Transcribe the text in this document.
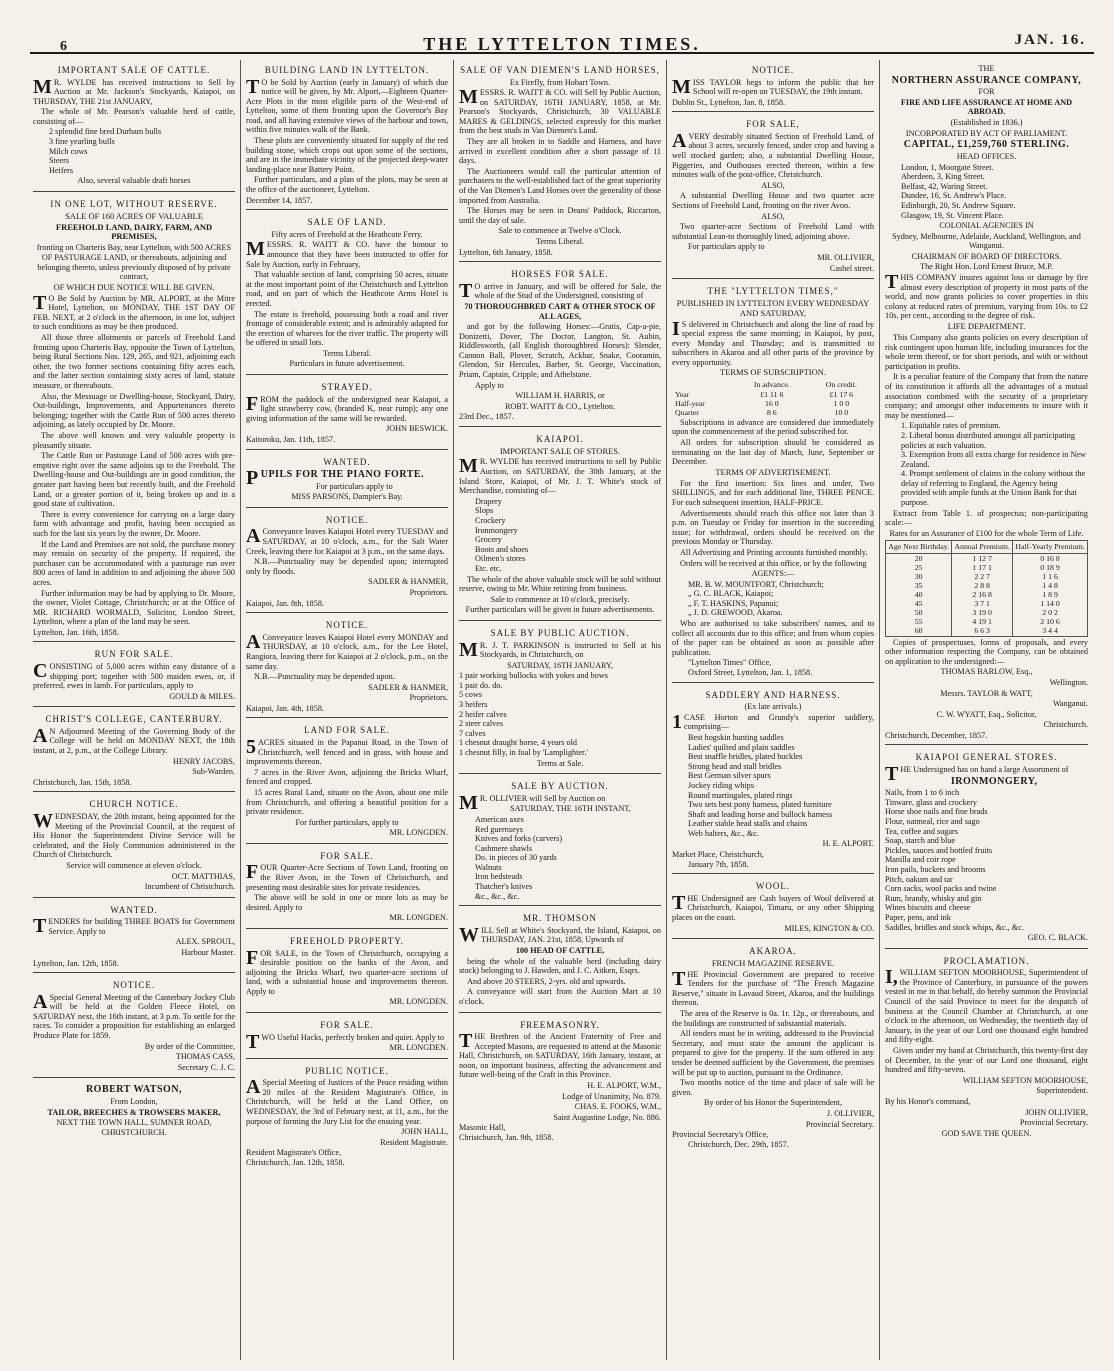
6	THE LYTTELTON TIMES.	JAN. 16.
IMPORTANT SALE OF CATTLE.
MR. WYLDE has received instructions to Sell by Auction at Mr. Jackson's Stockyards, Kaiapoi, on THURSDAY, THE 21st JANUARY,
The whole of Mr. Pearson's valuable herd of cattle, consisting of—
2 splendid fine bred Durham bulls
3 fine yearling bulls
Milch cows
Steers
Heifers
Also, several valuable draft horses
IN ONE LOT, WITHOUT RESERVE.
SALE OF 160 ACRES OF VALUABLE
FREEHOLD LAND, DAIRY, FARM, AND PREMISES,
fronting on Charteris Bay, near Lyttelton, with 500 ACRES OF PASTURAGE LAND, or thereabouts, adjoining and belonging thereto, unless previously disposed of by private contract,
OF WHICH DUE NOTICE WILL BE GIVEN.
TO Be Sold by Auction by MR. ALPORT, at the Mitre Hotel, Lyttelton, on MONDAY, THE 1ST DAY OF FEB. NEXT, at 2 o'clock in the afternoon, in one lot, subject to such conditions as may be then produced.
All those three allotments or parcels of Freehold Land fronting upon Charteris Bay, opposite the Town of Lyttelton, being Rural Sections Nos. 129, 265, and 921, adjoining each other, the two former sections containing fifty acres each, and the latter section containing sixty acres of land, statute measure, or thereabouts.
Also, the Messuage or Dwelling-house, Stockyard, Dairy, Out-buildings, Improvements, and Appurtenances thereto belonging; together with the Cattle Run of 500 acres thereto adjoining, as lately occupied by Dr. Moore.
The above well known and very valuable property is pleasantly situate.
The Cattle Run or Pasturage Land of 500 acres with pre-emptive right over the same adjoins up to the Freehold. The Dwelling-house and Out-buildings are in good condition, the greater part having been but recently built, and the Freehold Land, or a greater portion of it, being broken up and in a good state of cultivation.
There is every convenience for carrying on a large dairy farm with advantage and profit, having been occupied as such for the last six years by the owner, Dr. Moore.
If the Land and Premises are not sold, the purchase money may remain on security of the property. If required, the purchaser can be accommodated with a pasturage run over 800 acres of land in addition to and adjoining the above 500 acres.
Further information may be had by applying to Dr. Moore, the owner, Violet Cottage, Christchurch; or at the Office of MR. RICHARD WORMALD, Solicitor, London Street, Lyttelton, where a plan of the land may be seen.
Lyttelton, Jan. 16th, 1858.
RUN FOR SALE.
CONSISTING of 5,000 acres within easy distance of a shipping port; together with 500 maiden ewes, or, if preferred, ewes in lamb. For particulars, apply to
GOULD & MILES.
CHRIST'S COLLEGE, CANTERBURY.
AN Adjourned Meeting of the Governing Body of the College will be held on MONDAY NEXT, the 18th instant, at 2, p.m., at the College Library.
HENRY JACOBS,
Sub-Warden.
Christchurch, Jan. 15th, 1858.
CHURCH NOTICE.
WEDNESDAY, the 20th instant, being appointed for the Meeting of the Provincial Council, at the request of His Honor the Superintendent Divine Service will be celebrated, and the Holy Communion administered in the Church of Christchurch.
Service will commence at eleven o'clock.
OCT. MATTHIAS,
Incumbent of Christchurch.
WANTED.
TENDERS for building THREE BOATS for Government Service. Apply to
ALEX. SPROUL,
Harbour Master.
Lyttelton, Jan. 12th, 1858.
NOTICE.
ASpecial General Meeting of the Canterbury Jockey Club will be held at the Golden Fleece Hotel, on SATURDAY next, the 16th instant, at 3 p.m. To settle for the races. To consider a proposition for establishing an enlarged Produce Plate for 1859.
By order of the Committee,
THOMAS CASS,
Secretary C. J. C.
ROBERT WATSON,
From London,
TAILOR, BREECHES & TROWSERS MAKER,
NEXT THE TOWN HALL, SUMNER ROAD, CHRISTCHURCH.
BUILDING LAND IN LYTTELTON.
TO be Sold by Auction (early in January) of which due notice will be given, by Mr. Alport,—Eighteen Quarter-Acre Plots in the most eligible parts of the West-end of Lyttelton, some of them fronting upon the Governor's Bay road, and all having extensive views of the harbour and town, within five minutes walk of the Bank.
These plots are conveniently situated for supply of the red building stone, which crops out upon some of the sections, and are in the immediate vicinity of the projected deep-water landing-place near Battery Point.
Further particulars, and a plan of the plots, may be seen at the office of the auctioneer, Lyttelton.
December 14, 1857.
SALE OF LAND.
Fifty acres of Freehold at the Heathcote Ferry.
MESSRS. R. WAITT & CO. have the honour to announce that they have been instructed to offer for Sale by Auction, early in February,
That valuable section of land, comprising 50 acres, situate at the most important point of the Christchurch and Lyttelton road, and on part of which the Heathcote Arms Hotel is erected.
The estate is freehold, possessing both a road and river frontage of considerable extent; and is admirably adapted for the erection of wharves for the river traffic. The property will be offered in small lots.
Terms Liberal.
Particulars in future advertisement.
STRAYED.
FROM the paddock of the undersigned near Kaiapoi, a light strawberry cow, (branded K, near rump); any one giving information of the same will be rewarded.
JOHN BESWICK.
Kaitoroku, Jan. 11th, 1857.
WANTED.
PUPILS FOR THE PIANO FORTE.
For particulars apply to
MISS PARSONS, Dampier's Bay.
NOTICE.
AConveyance leaves Kaiapoi Hotel every TUESDAY and SATURDAY, at 10 o'clock, a.m., for the Salt Water Creek, leaving there for Kaiapoi at 3 p.m., on the same days.
N.B.—Punctuality may be depended upon; interrupted only by floods.
SADLER & HANMER,
Proprietors.
Kaiapoi, Jan. 8th, 1858.
NOTICE.
AConveyance leaves Kaiapoi Hotel every MONDAY and THURSDAY, at 10 o'clock, a.m., for the Lee Hotel, Rangiora, leaving there for Kaiapoi at 2 o'clock, p.m., on the same day.
N.B.—Punctuality may be depended upon.
SADLER & HANMER,
Proprietors.
Kaiapoi, Jan. 4th, 1858.
LAND FOR SALE.
5ACRES situated in the Papanui Road, in the Town of Christchurch, well fenced and in grass, with house and improvements thereon.
7 acres in the River Avon, adjoining the Bricks Wharf, fenced and cropped.
15 acres Rural Land, situate on the Avon, about one mile from Christchurch, and offering a beautiful position for a private residence.
For further particulars, apply to
MR. LONGDEN.
FOR SALE.
FOUR Quarter-Acre Sections of Town Land, fronting on the River Avon, in the Town of Christchurch, and presenting most desirable sites for private residences.
The above will be sold in one or more lots as may be desired. Apply to
MR. LONGDEN.
FREEHOLD PROPERTY.
FOR SALE, in the Town of Christchurch, occupying a desirable position on the banks of the Avon, and adjoining the Bricks Wharf, two quarter-acre sections of land, with a substantial house and improvements thereon. Apply to
MR. LONGDEN.
FOR SALE.
TWO Useful Hacks, perfectly broken and quiet. Apply to
MR. LONGDEN.
PUBLIC NOTICE.
ASpecial Meeting of Justices of the Peace residing within 20 miles of the Resident Magistrate's Office, in Christchurch, will be held at the Land Office, on WEDNESDAY, the 3rd of February next, at 11, a.m., for the purpose of forming the Jury List for the ensuing year.
JOHN HALL,
Resident Magistrate.
Resident Magistrate's Office,
Christchurch, Jan. 12th, 1858.
SALE OF VAN DIEMEN'S LAND HORSES,
Ex Firefly, from Hobart Town.
MESSRS. R. WAITT & CO. will Sell by Public Auction, on SATURDAY, 16TH JANUARY, 1858, at Mr. Pearson's Stockyards, Christchurch, 30 VALUABLE MARES & GELDINGS, selected expressly for this market from the best studs in Van Diemen's Land.
They are all broken in to Saddle and Harness, and have arrived in excellent condition after a short passage of 11 days.
The Auctioneers would call the particular attention of purchasers to the well-established fact of the great superiority of the Van Diemen's Land Horses over the generality of those imported from Australia.
The Horses may be seen in Deans' Paddock, Riccarton, until the day of sale.
Sale to commence at Twelve o'Clock.
Terms Liberal.
Lyttelton, 6th January, 1858.
HORSES FOR SALE.
TO arrive in January, and will be offered for Sale, the whole of the Stud of the Undersigned, consisting of
70 THOROUGHBRED CART & OTHER STOCK OF ALL AGES,
and got by the following Horses:—Gratis, Cap-a-pie, Donizetti, Dover, The Doctor, Langton, St. Aubin, Riddlesworth, (all English thoroughbred Horses): Slender, Cannon Ball, Plover, Scratch, Ackbar, Snake, Cooramin, Glendon, Sir Hercules, Barber, St. George, Vaccination, Priam, Captain, Cripple, and Athelstane.
Apply to
WILLIAM H. HARRIS, or
ROBT. WAITT & CO., Lyttelton.
23rd Dec., 1857.
KAIAPOI.
IMPORTANT SALE OF STORES.
MR. WYLDE has received instructions to sell by Public Auction, on SATURDAY, the 30th January, at the Island Store, Kaiapoi, of Mr. J. T. White's stock of Merchandise, consisting of—
Drapery
Slops
Crockery
Ironmongery
Grocery
Boots and shoes
Oilmen's stores
Etc. etc.
The whole of the above valuable stock will be sold without reserve, owing to Mr. White retiring from business.
Sale to commence at 10 o'clock, precisely.
Further particulars will be given in future advertisements.
SALE BY PUBLIC AUCTION.
MR. J. T. PARKINSON is instructed to Sell at his Stockyards, in Christchurch, on
SATURDAY, 16TH JANUARY,
1 pair working bullocks with yokes and bows
1 pair do. do.
5 cows
3 heifers
2 heifer calves
2 steer calves
7 calves
1 chesnut draught horse, 4 years old
1 chesnut filly, in foal by 'Lamplighter.'
Terms at Sale.
SALE BY AUCTION.
MR. OLLIVIER will Sell by Auction on
SATURDAY, THE 16TH INSTANT,
American axes
Red guernseys
Knives and forks (carvers)
Cashmere shawls
Do. in pieces of 30 yards
Walnuts
Iron bedsteads
Thatcher's knives
&c., &c., &c.
MR. THOMSON
WILL Sell at White's Stockyard, the Island, Kaiapoi, on THURSDAY, JAN. 21st, 1858, Upwards of
100 HEAD OF CATTLE,
being the whole of the valuable herd (including dairy stock) belonging to J. Hawden, and J. C. Aitken, Esqrs.
And above 20 STEERS, 2-yrs. old and upwards.
A conveyance will start from the Auction Mart at 10 o'clock.
FREEMASONRY.
THE Brethren of the Ancient Fraternity of Free and Accepted Masons, are requested to attend at the Masonic Hall, Christchurch, on SATURDAY, 16th January, instant, at noon, on important business, affecting the advancement and future well-being of the Craft in this Province.
H. E. ALPORT, W.M.,
Lodge of Unanimity, No. 879.
CHAS. E. FOOKS, W.M.,
Saint Augustine Lodge, No. 886.
Masonic Hall,
Christchurch, Jan. 9th, 1858.
NOTICE.
MISS TAYLOR begs to inform the public that her School will re-open on TUESDAY, the 19th instant.
Dublin St., Lyttelton, Jan. 8, 1858.
FOR SALE,
AVERY desirably situated Section of Freehold Land, of about 3 acres, securely fenced, under crop and having a well stocked garden; also, a substantial Dwelling House, Piggeries, and Outhouses erected thereon, within a few minutes walk of the post-office, Christchurch.
ALSO,
A substantial Dwelling House and two quarter acre Sections of Freehold Land, fronting on the river Avon.
ALSO,
Two quarter-acre Sections of Freehold Land with substantial Lean-to thoroughly lined, adjoining above.
For particulars apply to
MR. OLLIVIER,
Cashel street.
THE "LYTTELTON TIMES,"
PUBLISHED IN LYTTELTON EVERY WEDNESDAY AND SATURDAY,
IS delivered in Christchurch and along the line of road by special express the same morning; in Kaiapoi, by post, every Monday and Thursday; and is transmitted to subscribers in Akaroa and all other parts of the province by every opportunity.
TERMS OF SUBSCRIPTION.
	In advance.	On credit.
Year	£1 11 6	£1 17 6
Half-year	16 0	1 0 0
Quarter	8 6	10 0
Subscriptions in advance are considered due immediately upon the commencement of the period subscribed for.
All orders for subscription should be considered as terminating on the last day of March, June, September or December.
TERMS OF ADVERTISEMENT.
For the first insertion: Six lines and under, Two SHILLINGS, and for each additional line, THREE PENCE. For each subsequent insertion, HALF-PRICE.
Advertisements should reach this office not later than 3 p.m. on Tuesday or Friday for insertion in the succeeding issue; for withdrawal, orders should be received on the previous Monday or Thursday.
All Advertising and Printing accounts furnished monthly.
Orders will be received at this office, or by the following
AGENTS:—
MR. B. W. MOUNTFORT, Christchurch;
„ G. C. BLACK, Kaiapoi;
„ F. T. HASKINS, Papanui;
„ J. D. GREWOOD, Akaroa.
Who are authorised to take subscribers' names, and to collect all accounts due to this office; and from whom copies of the paper can be obtained as soon as possible after publication.
"Lyttelton Times" Office,
Oxford Street, Lyttelton, Jan. 1, 1858.
SADDLERY AND HARNESS.
(Ex late arrivals.)
1CASE Horton and Grundy's superior saddlery, comprising—
Best hogskin hunting saddles
Ladies' quilted and plain saddles
Best snaffle bridles, plated buckles
Strong head and stall bridles
Best German silver spurs
Jockey riding whips
Round martingales, plated rings
Two sets best pony harness, plated furniture
Shaft and leading horse and bullock harness
Leather stable head stalls and chains
Web halters, &c., &c.
H. E. ALPORT.
Market Place, Christchurch,
January 7th, 1858.
WOOL.
THE Undersigned are Cash buyers of Wool delivered at Christchurch, Kaiapoi, Timaru, or any other Shipping places on the coast.
MILES, KINGTON & CO.
AKAROA.
FRENCH MAGAZINE RESERVE.
THE Provincial Government are prepared to receive Tenders for the purchase of "The French Magazine Reserve," situate in Lavaud Street, Akaroa, and the buildings thereon.
The area of the Reserve is 0a. 1r. 12p., or thereabouts, and the buildings are constructed of substantial materials.
All tenders must be in writing, addressed to the Provincial Secretary, and must state the amount the applicant is prepared to give for the property. If the sum offered in any tender be deemed sufficient by the Government, the premises will be put up to auction, pursuant to the Ordinance.
Two months notice of the time and place of sale will be given.
By order of his Honor the Superintendent,
J. OLLIVIER,
Provincial Secretary.
Provincial Secretary's Office,
Christchurch, Dec. 29th, 1857.
THE
NORTHERN ASSURANCE COMPANY,
FOR
FIRE AND LIFE ASSURANCE AT HOME AND ABROAD.
(Established in 1836.)
INCORPORATED BY ACT OF PARLIAMENT.
CAPITAL, £1,259,760 STERLING.
HEAD OFFICES.
London, 1, Moorgate Street.
Aberdeen, 3, King Street.
Belfast, 42, Waring Street.
Dundee, 16, St. Andrew's Place.
Edinburgh, 20, St. Andrew Square.
Glasgow, 19, St. Vincent Place.
COLONIAL AGENCIES IN
Sydney, Melbourne, Adelaide, Auckland, Wellington, and Wanganui.
CHAIRMAN OF BOARD OF DIRECTORS.
The Right Hon. Lord Ernest Bruce, M.P.
THIS COMPANY insures against loss or damage by fire almost every description of property in most parts of the world, and now grants policies to cover properties in this colony at reduced rates of premium, varying from 10s. to £2 10s. per cent., according to the degree of risk.
LIFE DEPARTMENT.
This Company also grants policies on every description of risk contingent upon human life, including insurances for the whole term thereof, or for short periods, and with or without participation in profits.
It is a peculiar feature of the Company that from the nature of its constitution it affords all the advantages of a mutual association combined with the security of a proprietary company; and amongst other inducements to insure with it may be mentioned—
1. Equitable rates of premium.
2. Liberal bonus distributed amongst all participating policies at each valuation.
3. Exemption from all extra charge for residence in New Zealand.
4. Prompt settlement of claims in the colony without the delay of referring to England, the Agency being provided with ample funds at the Union Bank for that purpose.
Extract from Table 1. of prospectus; non-participating scale:—
Rates for an Assurance of £100 for the whole Term of Life.
Age Next Birthday.	Annual Premium.	Half-Yearly Premium.
20	1 12 7	0 16 8
25	1 17 1	0 18 9
30	2 2 7	1 1 6
35	2 8 8	1 4 8
40	2 16 8	1 8 9
45	3 7 1	1 14 0
50	3 19 0	2 0 2
55	4 19 1	2 10 6
60	6 6 3	3 4 4
Copies of prospectuses, forms of proposals, and every other information respecting the Company, can be obtained on application to the undersigned:—
THOMAS BARLOW, Esq.,
Wellington.
Messrs. TAYLOR & WATT,
Wanganui.
C. W. WYATT, Esq., Solicitor,
Christchurch.
Christchurch, December, 1857.
KAIAPOI GENERAL STORES.
THE Undersigned has on hand a large Assortment of
IRONMONGERY,
Nails, from 1 to 6 inch
Tinware, glass and crockery
Horse shoe nails and fine brads
Flour, oatmeal, rice and sago
Tea, coffee and sugars
Soap, starch and blue
Pickles, sauces and bottled fruits
Manilla and coir rope
Iron pails, buckets and brooms
Pitch, oakum and tar
Corn sacks, wool packs and twine
Rum, brandy, whisky and gin
Wines biscuits and cheese
Paper, pens, and ink
Saddles, bridles and stock whips, &c., &c.
GEO. C. BLACK.
PROCLAMATION.
I,WILLIAM SEFTON MOORHOUSE, Superintendent of the Province of Canterbury, in pursuance of the powers vested in me in that behalf, do hereby summon the Provincial Council of the said Province to meet for the despatch of business at the Council Chamber at Christchurch, at one o'clock in the afternoon, on Wednesday, the twentieth day of January, in the year of our Lord one thousand eight hundred and fifty-eight.
Given under my hand at Christchurch, this twenty-first day of December, in the year of our Lord one thousand, eight hundred and fifty-seven.
WILLIAM SEFTON MOORHOUSE,
Superintendent.
By his Honor's command,
JOHN OLLIVIER,
Provincial Secretary.
GOD SAVE THE QUEEN.
